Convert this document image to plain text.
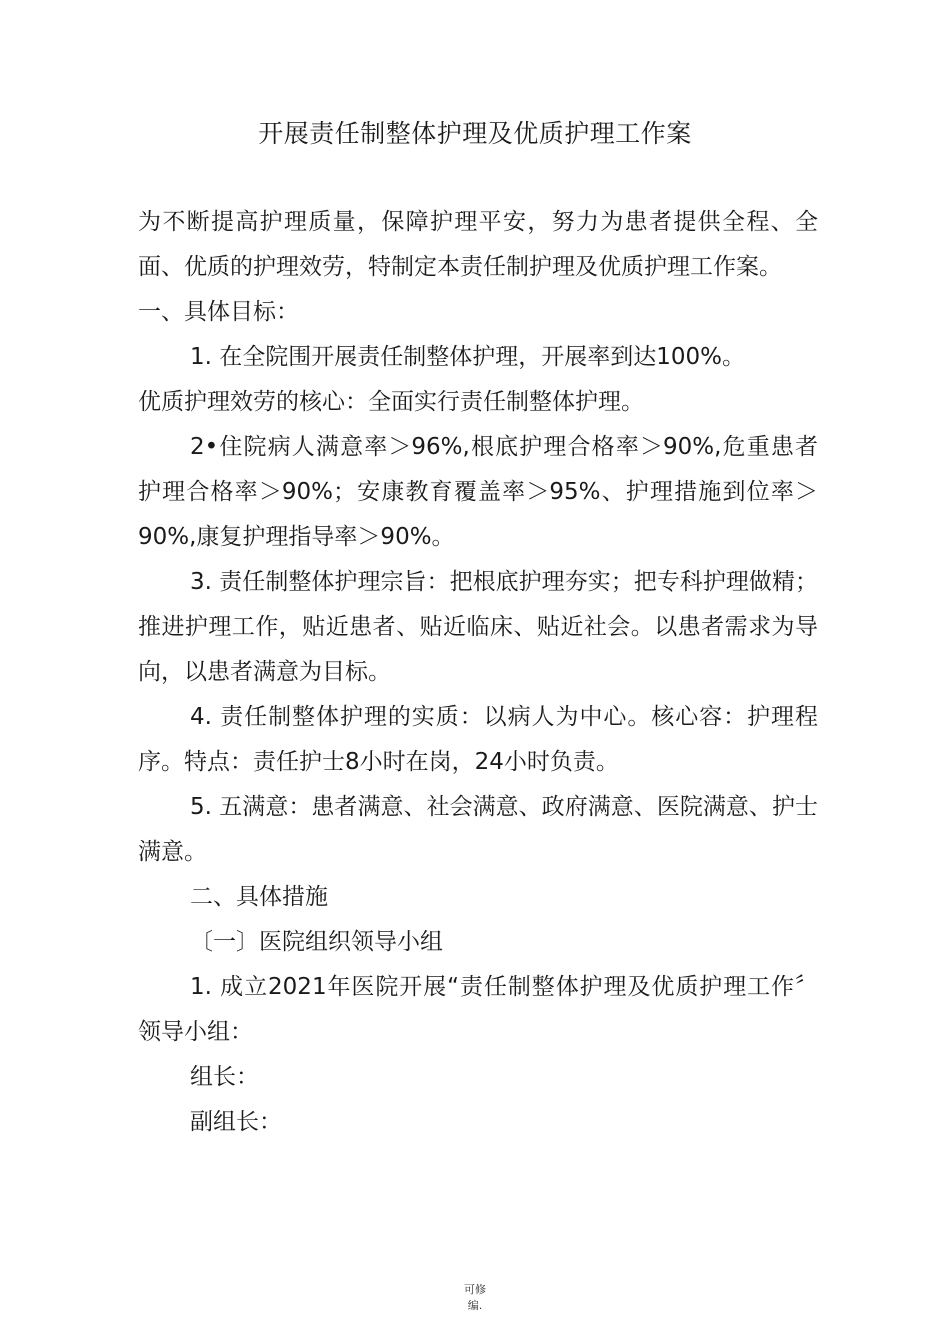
开展责任制整体护理及优质护理工作案

为不断提高护理质量，保障护理平安，努力为患者提供全程、全面、优质的护理效劳，特制定本责任制护理及优质护理工作案。

一、具体目标：

1. 在全院围开展责任制整体护理，开展率到达100%。

优质护理效劳的核心：全面实行责任制整体护理。

2•住院病人满意率＞96%,根底护理合格率＞90%,危重患者护理合格率＞90%；安康教育覆盖率＞95%、护理措施到位率＞90%,康复护理指导率＞90%。

3. 责任制整体护理宗旨：把根底护理夯实；把专科护理做精；推进护理工作，贴近患者、贴近临床、贴近社会。以患者需求为导向，以患者满意为目标。

4. 责任制整体护理的实质：以病人为中心。核心容：护理程序。特点：责任护士8小时在岗，24小时负责。

5. 五满意：患者满意、社会满意、政府满意、医院满意、护士满意。

二、具体措施

〔一〕医院组织领导小组

1. 成立2021年医院开展“责任制整体护理及优质护理工作〞领导小组：

组长：

副组长：

可修
编.
